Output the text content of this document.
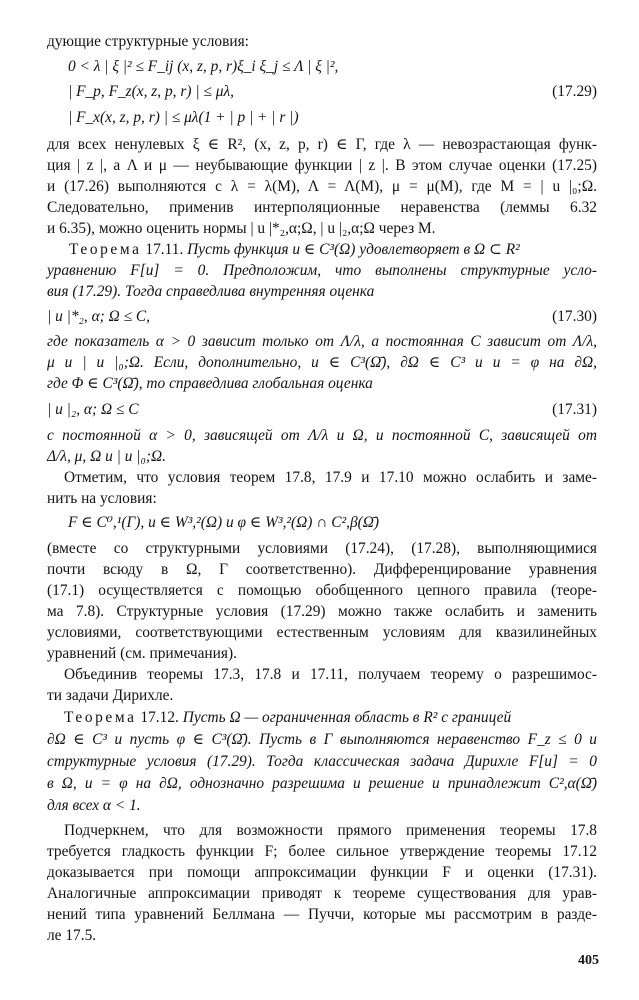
дующие структурные условия:
0 < λ | ξ |² ≤ F_ij (x, z, p, r)ξ_i ξ_j ≤ Λ | ξ |²,
| F_p, F_z(x, z, p, r) | ≤ μλ,
| F_x(x, z, p, r) | ≤ μλ(1 + | p | + | r |)
(17.29)
для всех ненулевых ξ ∈ R², (x, z, p, r) ∈ Γ, где λ — невозрастающая функ-
ция | z |, а Λ и μ — неубывающие функции | z |. В этом случае оценки (17.25)
и (17.26) выполняются с λ = λ(M), Λ = Λ(M), μ = μ(M), где M = | u |₀;Ω.
Следовательно, применив интерполяционные неравенства (леммы 6.32
и 6.35), можно оценить нормы | u |*₂,α;Ω, | u |₂,α;Ω через M.
Теорема 17.11. Пусть функция u ∈ C³(Ω) удовлетворяет в Ω ⊂ R²
уравнению F[u] = 0. Предположим, что выполнены структурные усло-
вия (17.29). Тогда справедлива внутренняя оценка
| u |*₂, α; Ω ≤ C,	(17.30)
где показатель α > 0 зависит только от Λ/λ, а постоянная C зависит от Λ/λ,
μ и | u |₀;Ω. Если, дополнительно, u ∈ C³(Ω̄), ∂Ω ∈ C³ и u = φ на ∂Ω,
где Φ ∈ C³(Ω̄), то справедлива глобальная оценка
| u |₂, α; Ω ≤ C	(17.31)
с постоянной α > 0, зависящей от Λ/λ и Ω, и постоянной C, зависящей от
Δ/λ, μ, Ω и | u |₀;Ω.
Отметим, что условия теорем 17.8, 17.9 и 17.10 можно ослабить и заме-
нить на условия:
F ∈ C⁰,¹(Γ), u ∈ W³,²(Ω) и φ ∈ W³,²(Ω) ∩ C²,β(Ω̄)
(вместе со структурными условиями (17.24), (17.28), выполняющимися
почти всюду в Ω, Γ соответственно). Дифференцирование уравнения
(17.1) осуществляется с помощью обобщенного цепного правила (теоре-
ма 7.8). Структурные условия (17.29) можно также ослабить и заменить
условиями, соответствующими естественным условиям для квазилинейных
уравнений (см. примечания).
Объединив теоремы 17.3, 17.8 и 17.11, получаем теорему о разрешимос-
ти задачи Дирихле.
Теорема 17.12. Пусть Ω — ограниченная область в R² с границей
∂Ω ∈ C³ и пусть φ ∈ C³(Ω̄). Пусть в Γ выполняются неравенство F_z ≤ 0 и
структурные условия (17.29). Тогда классическая задача Дирихле F[u] = 0
в Ω, u = φ на ∂Ω, однозначно разрешима и решение и принадлежит C²,α(Ω̄)
для всех α < 1.
Подчеркнем, что для возможности прямого применения теоремы 17.8
требуется гладкость функции F; более сильное утверждение теоремы 17.12
доказывается при помощи аппроксимации функции F и оценки (17.31).
Аналогичные аппроксимации приводят к теореме существования для урав-
нений типа уравнений Беллмана — Пуччи, которые мы рассмотрим в разде-
ле 17.5.
405
